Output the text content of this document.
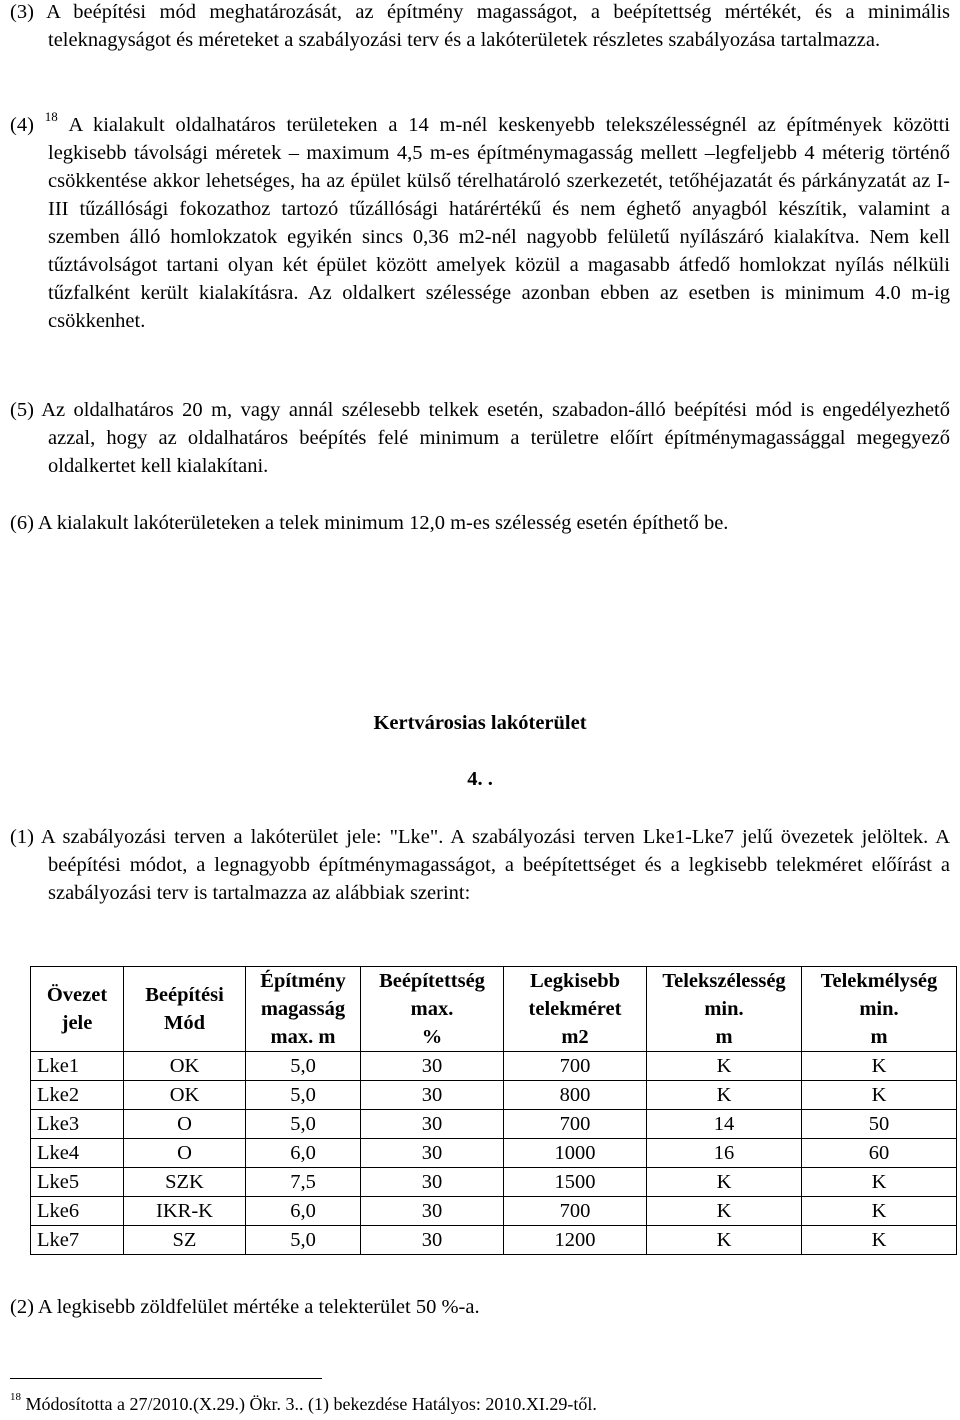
(3) A beépítési mód meghatározását, az építmény magasságot, a beépítettség mértékét, és a minimális teleknagyságot és méreteket a szabályozási terv és a lakóterületek részletes szabályozása tartalmazza.

(4) $^{18}$ A kialakult oldalhatáros területeken a 14 m-nél keskenyebb telekszélességnél az építmények közötti legkisebb távolsági méretek – maximum 4,5 m-es építménymagasság mellett –legfeljebb 4 méterig történő csökkentése akkor lehetséges, ha az épület külső térelhatároló szerkezetét, tetőhéjazatát és párkányzatát az I-III tűzállósági fokozathoz tartozó tűzállósági határértékű és nem éghető anyagból készítik, valamint a szemben álló homlokzatok egyikén sincs 0,36 m2-nél nagyobb felületű nyílászáró kialakítva. Nem kell tűztávolságot tartani olyan két épület között amelyek közül a magasabb átfedő homlokzat nyílás nélküli tűzfalként került kialakításra. Az oldalkert szélessége azonban ebben az esetben is minimum 4.0 m-ig csökkenhet.

(5) Az oldalhatáros 20 m, vagy annál szélesebb telkek esetén, szabadon-álló beépítési mód is engedélyezhető azzal, hogy az oldalhatáros beépítés felé minimum a területre előírt építménymagassággal megegyező oldalkertet kell kialakítani.

(6) A kialakult lakóterületeken a telek minimum 12,0 m-es szélesség esetén építhető be.

Kertvárosias lakóterület
4. .

(1) A szabályozási terven a lakóterület jele: "Lke". A szabályozási terven Lke1-Lke7 jelű övezetek jelöltek. A beépítési módot, a legnagyobb építménymagasságot, a beépítettséget és a legkisebb telekméret előírást a szabályozási terv is tartalmazza az alábbiak szerint:

Övezet
jele	Beépítési
Mód	Építmény
magasság
max. m	Beépítettség
max.
%	Legkisebb
telekméret
m2	Telekszélesség
min.
m	Telekmélység
min.
m
Lke1	OK	5,0	30	700	K	K
Lke2	OK	5,0	30	800	K	K
Lke3	O	5,0	30	700	14	50
Lke4	O	6,0	30	1000	16	60
Lke5	SZK	7,5	30	1500	K	K
Lke6	IKR-K	6,0	30	700	K	K
Lke7	SZ	5,0	30	1200	K	K

(2) A legkisebb zöldfelület mértéke a telekterület 50 %-a.

$^{18}$ Módosította a 27/2010.(X.29.) Ökr. 3.. (1) bekezdése Hatályos: 2010.XI.29-től.
